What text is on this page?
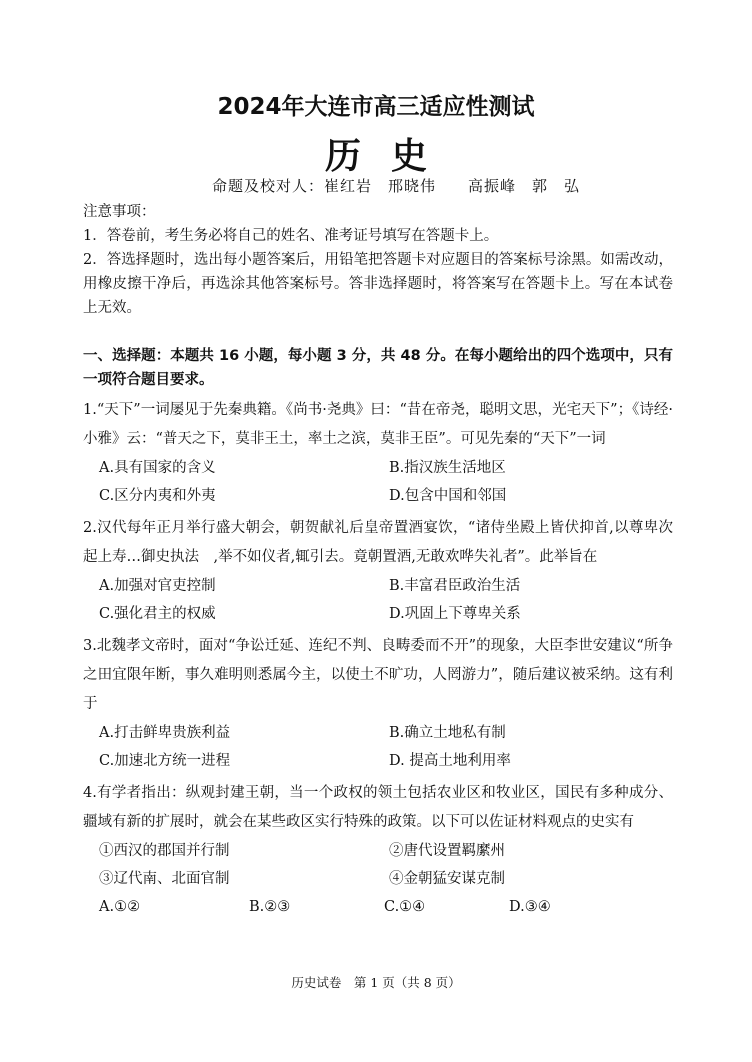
2024年大连市高三适应性测试
历史
命题及校对人：崔红岩　邢晓伟　　高振峰　郭　弘
注意事项：
1．答卷前，考生务必将自己的姓名、准考证号填写在答题卡上。
2．答选择题时，选出每小题答案后，用铅笔把答题卡对应题目的答案标号涂黑。如需改动，用橡皮擦干净后，再选涂其他答案标号。答非选择题时，将答案写在答题卡上。写在本试卷上无效。
一、选择题：本题共 16 小题，每小题 3 分，共 48 分。在每小题给出的四个选项中，只有一项符合题目要求。
1.“天下”一词屡见于先秦典籍。《尚书·尧典》曰：“昔在帝尧，聪明文思，光宅天下”；《诗经·小雅》云：“普天之下，莫非王土，率土之滨，莫非王臣”。可见先秦的“天下”一词
A.具有国家的含义	B.指汉族生活地区
C.区分内夷和外夷	D.包含中国和邻国
2.汉代每年正月举行盛大朝会，朝贺献礼后皇帝置酒宴饮，“诸侍坐殿上皆伏抑首,以尊卑次起上寿…御史执法　,举不如仪者,辄引去。竟朝置酒,无敢欢哗失礼者”。此举旨在
A.加强对官吏控制	B.丰富君臣政治生活
C.强化君主的权威	D.巩固上下尊卑关系
3.北魏孝文帝时，面对“争讼迁延、连纪不判、良畴委而不开”的现象，大臣李世安建议“所争之田宜限年断，事久难明则悉属今主，以使土不旷功，人罔游力”，随后建议被采纳。这有利于
A.打击鲜卑贵族利益	B.确立土地私有制
C.加速北方统一进程	D. 提高土地利用率
4.有学者指出：纵观封建王朝，当一个政权的领土包括农业区和牧业区，国民有多种成分、疆域有新的扩展时，就会在某些政区实行特殊的政策。以下可以佐证材料观点的史实有
①西汉的郡国并行制	②唐代设置羁縻州
③辽代南、北面官制	④金朝猛安谋克制
A.①②	B.②③	C.①④	D.③④
历史试卷　第 1 页（共 8 页）
